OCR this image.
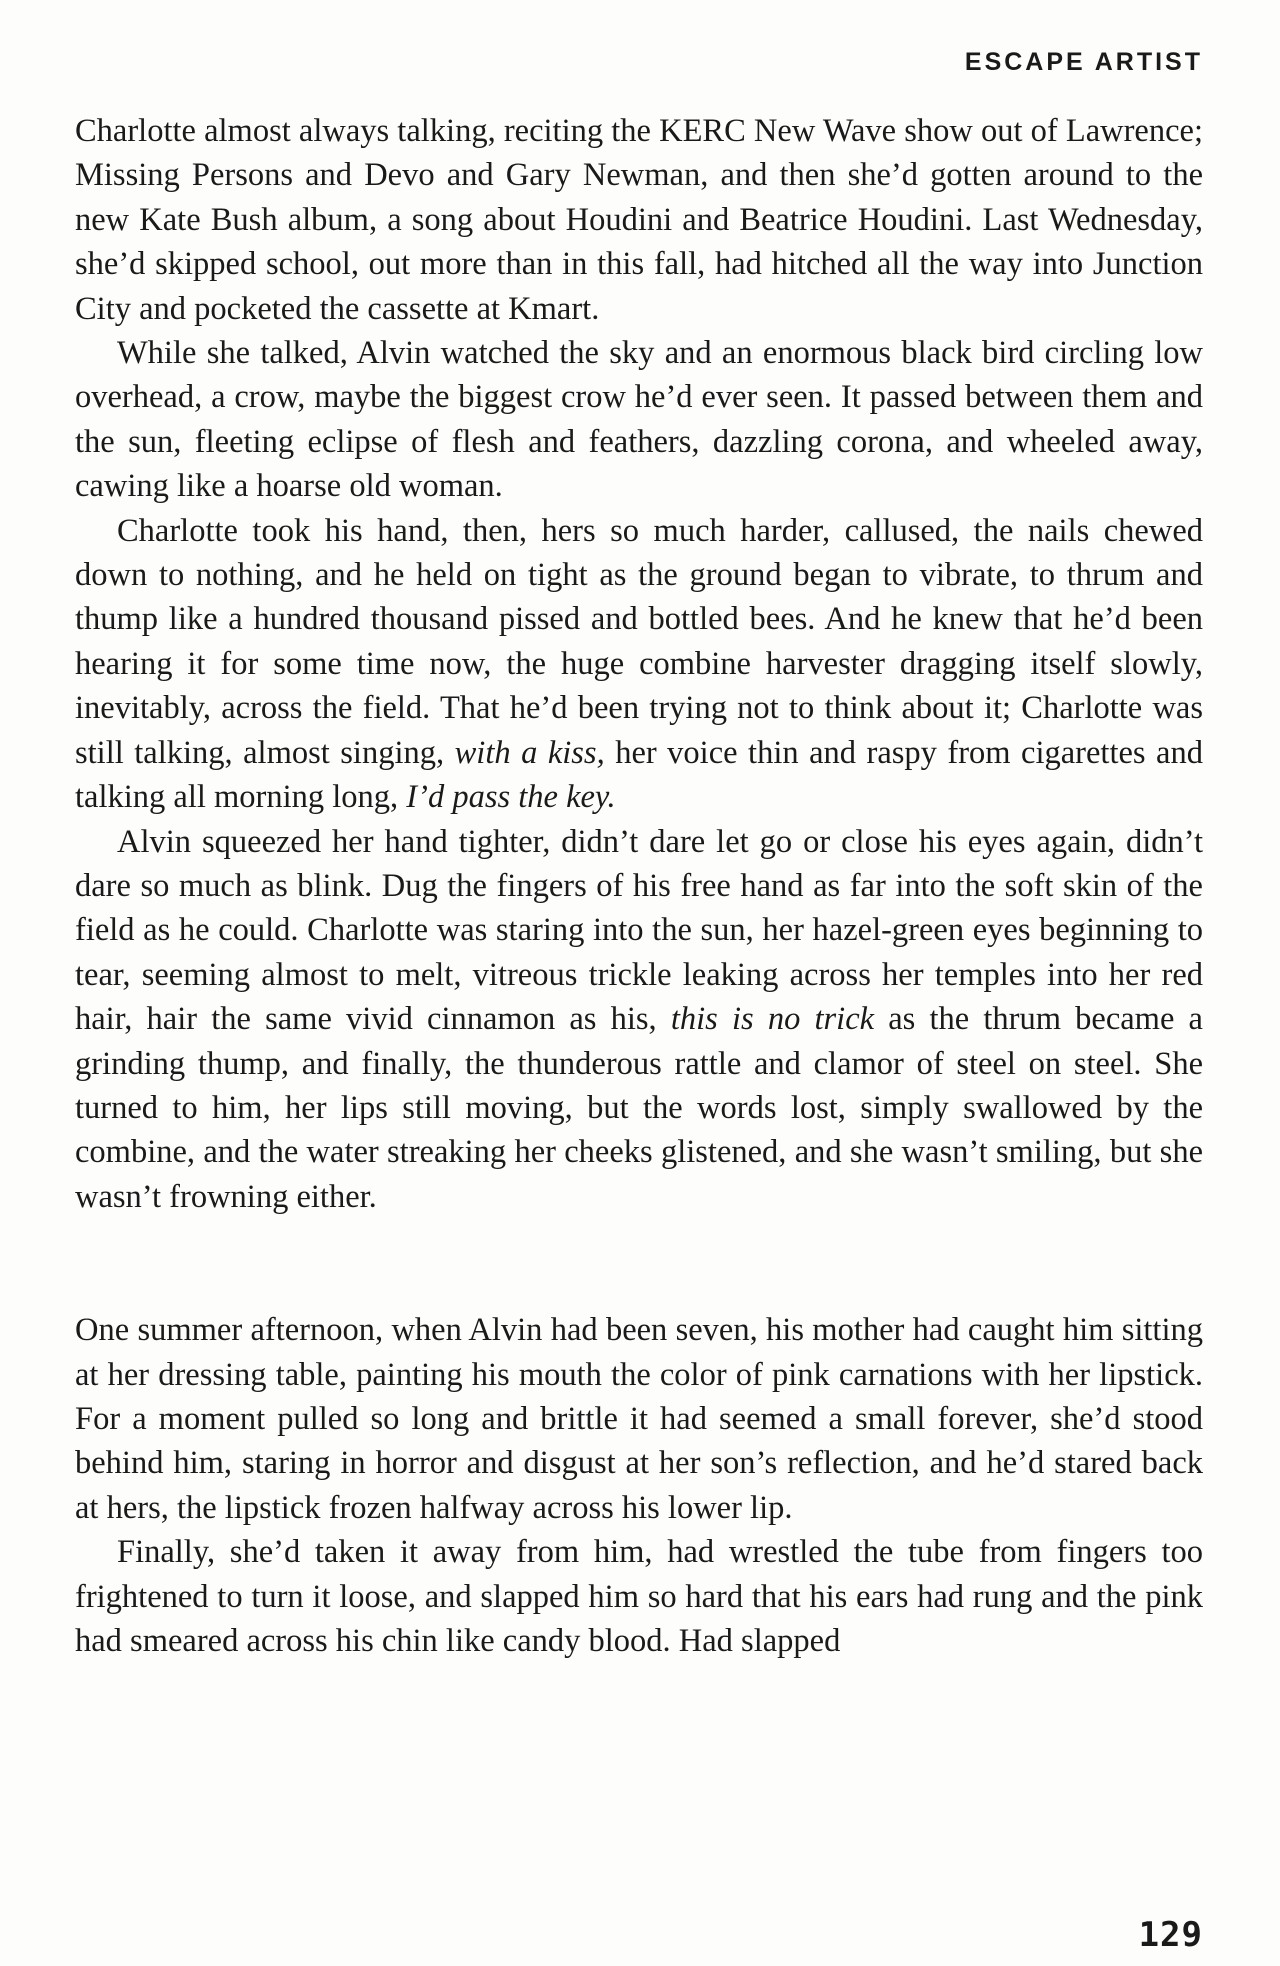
ESCAPE ARTIST

Charlotte almost always talking, reciting the KERC New Wave show out of Lawrence; Missing Persons and Devo and Gary Newman, and then she’d gotten around to the new Kate Bush album, a song about Houdini and Beatrice Houdini. Last Wednesday, she’d skipped school, out more than in this fall, had hitched all the way into Junction City and pocketed the cassette at Kmart.

While she talked, Alvin watched the sky and an enormous black bird circling low overhead, a crow, maybe the biggest crow he’d ever seen. It passed between them and the sun, fleeting eclipse of flesh and feathers, dazzling corona, and wheeled away, cawing like a hoarse old woman.

Charlotte took his hand, then, hers so much harder, callused, the nails chewed down to nothing, and he held on tight as the ground began to vibrate, to thrum and thump like a hundred thousand pissed and bottled bees. And he knew that he’d been hearing it for some time now, the huge combine harvester dragging itself slowly, inevitably, across the field. That he’d been trying not to think about it; Charlotte was still talking, almost singing, with a kiss, her voice thin and raspy from cigarettes and talking all morning long, I’d pass the key.

Alvin squeezed her hand tighter, didn’t dare let go or close his eyes again, didn’t dare so much as blink. Dug the fingers of his free hand as far into the soft skin of the field as he could. Charlotte was staring into the sun, her hazel-green eyes beginning to tear, seeming almost to melt, vitreous trickle leaking across her temples into her red hair, hair the same vivid cinnamon as his, this is no trick as the thrum became a grinding thump, and finally, the thunderous rattle and clamor of steel on steel. She turned to him, her lips still moving, but the words lost, simply swallowed by the combine, and the water streaking her cheeks glistened, and she wasn’t smiling, but she wasn’t frowning either.

One summer afternoon, when Alvin had been seven, his mother had caught him sitting at her dressing table, painting his mouth the color of pink carnations with her lipstick. For a moment pulled so long and brittle it had seemed a small forever, she’d stood behind him, staring in horror and disgust at her son’s reflection, and he’d stared back at hers, the lipstick frozen halfway across his lower lip.

Finally, she’d taken it away from him, had wrestled the tube from fingers too frightened to turn it loose, and slapped him so hard that his ears had rung and the pink had smeared across his chin like candy blood. Had slapped

129
